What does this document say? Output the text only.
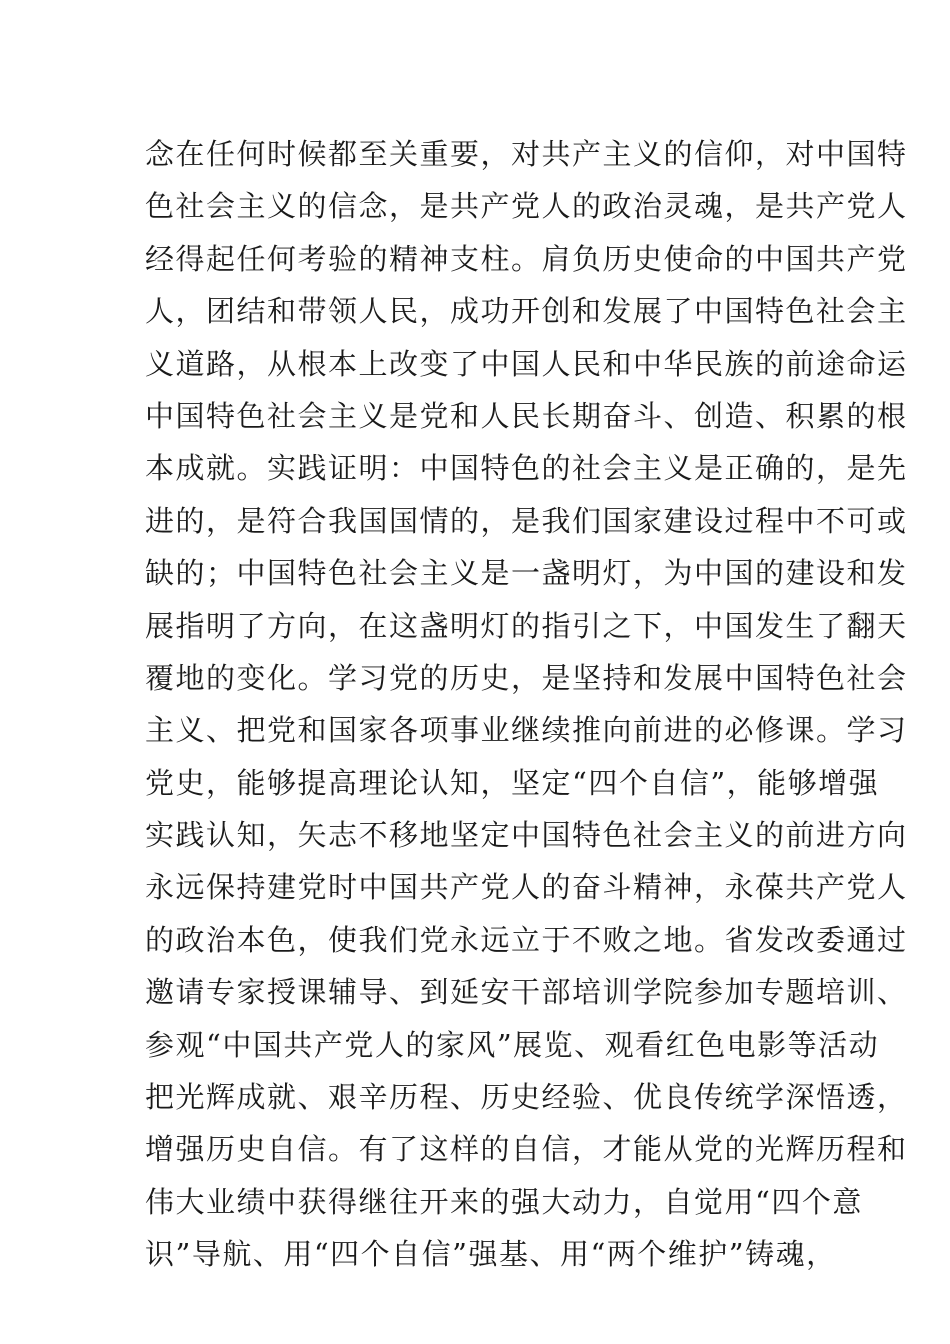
念在任何时候都至关重要，对共产主义的信仰，对中国特
色社会主义的信念，是共产党人的政治灵魂，是共产党人
经得起任何考验的精神支柱。肩负历史使命的中国共产党
人，团结和带领人民，成功开创和发展了中国特色社会主
义道路，从根本上改变了中国人民和中华民族的前途命运
中国特色社会主义是党和人民长期奋斗、创造、积累的根
本成就。实践证明：中国特色的社会主义是正确的，是先
进的，是符合我国国情的，是我们国家建设过程中不可或
缺的；中国特色社会主义是一盏明灯，为中国的建设和发
展指明了方向，在这盏明灯的指引之下，中国发生了翻天
覆地的变化。学习党的历史，是坚持和发展中国特色社会
主义、把党和国家各项事业继续推向前进的必修课。学习
党史，能够提高理论认知，坚定“四个自信”，能够增强
实践认知，矢志不移地坚定中国特色社会主义的前进方向
永远保持建党时中国共产党人的奋斗精神，永葆共产党人
的政治本色，使我们党永远立于不败之地。省发改委通过
邀请专家授课辅导、到延安干部培训学院参加专题培训、
参观“中国共产党人的家风”展览、观看红色电影等活动
把光辉成就、艰辛历程、历史经验、优良传统学深悟透，
增强历史自信。有了这样的自信，才能从党的光辉历程和
伟大业绩中获得继往开来的强大动力，自觉用“四个意
识”导航、用“四个自信”强基、用“两个维护”铸魂，
